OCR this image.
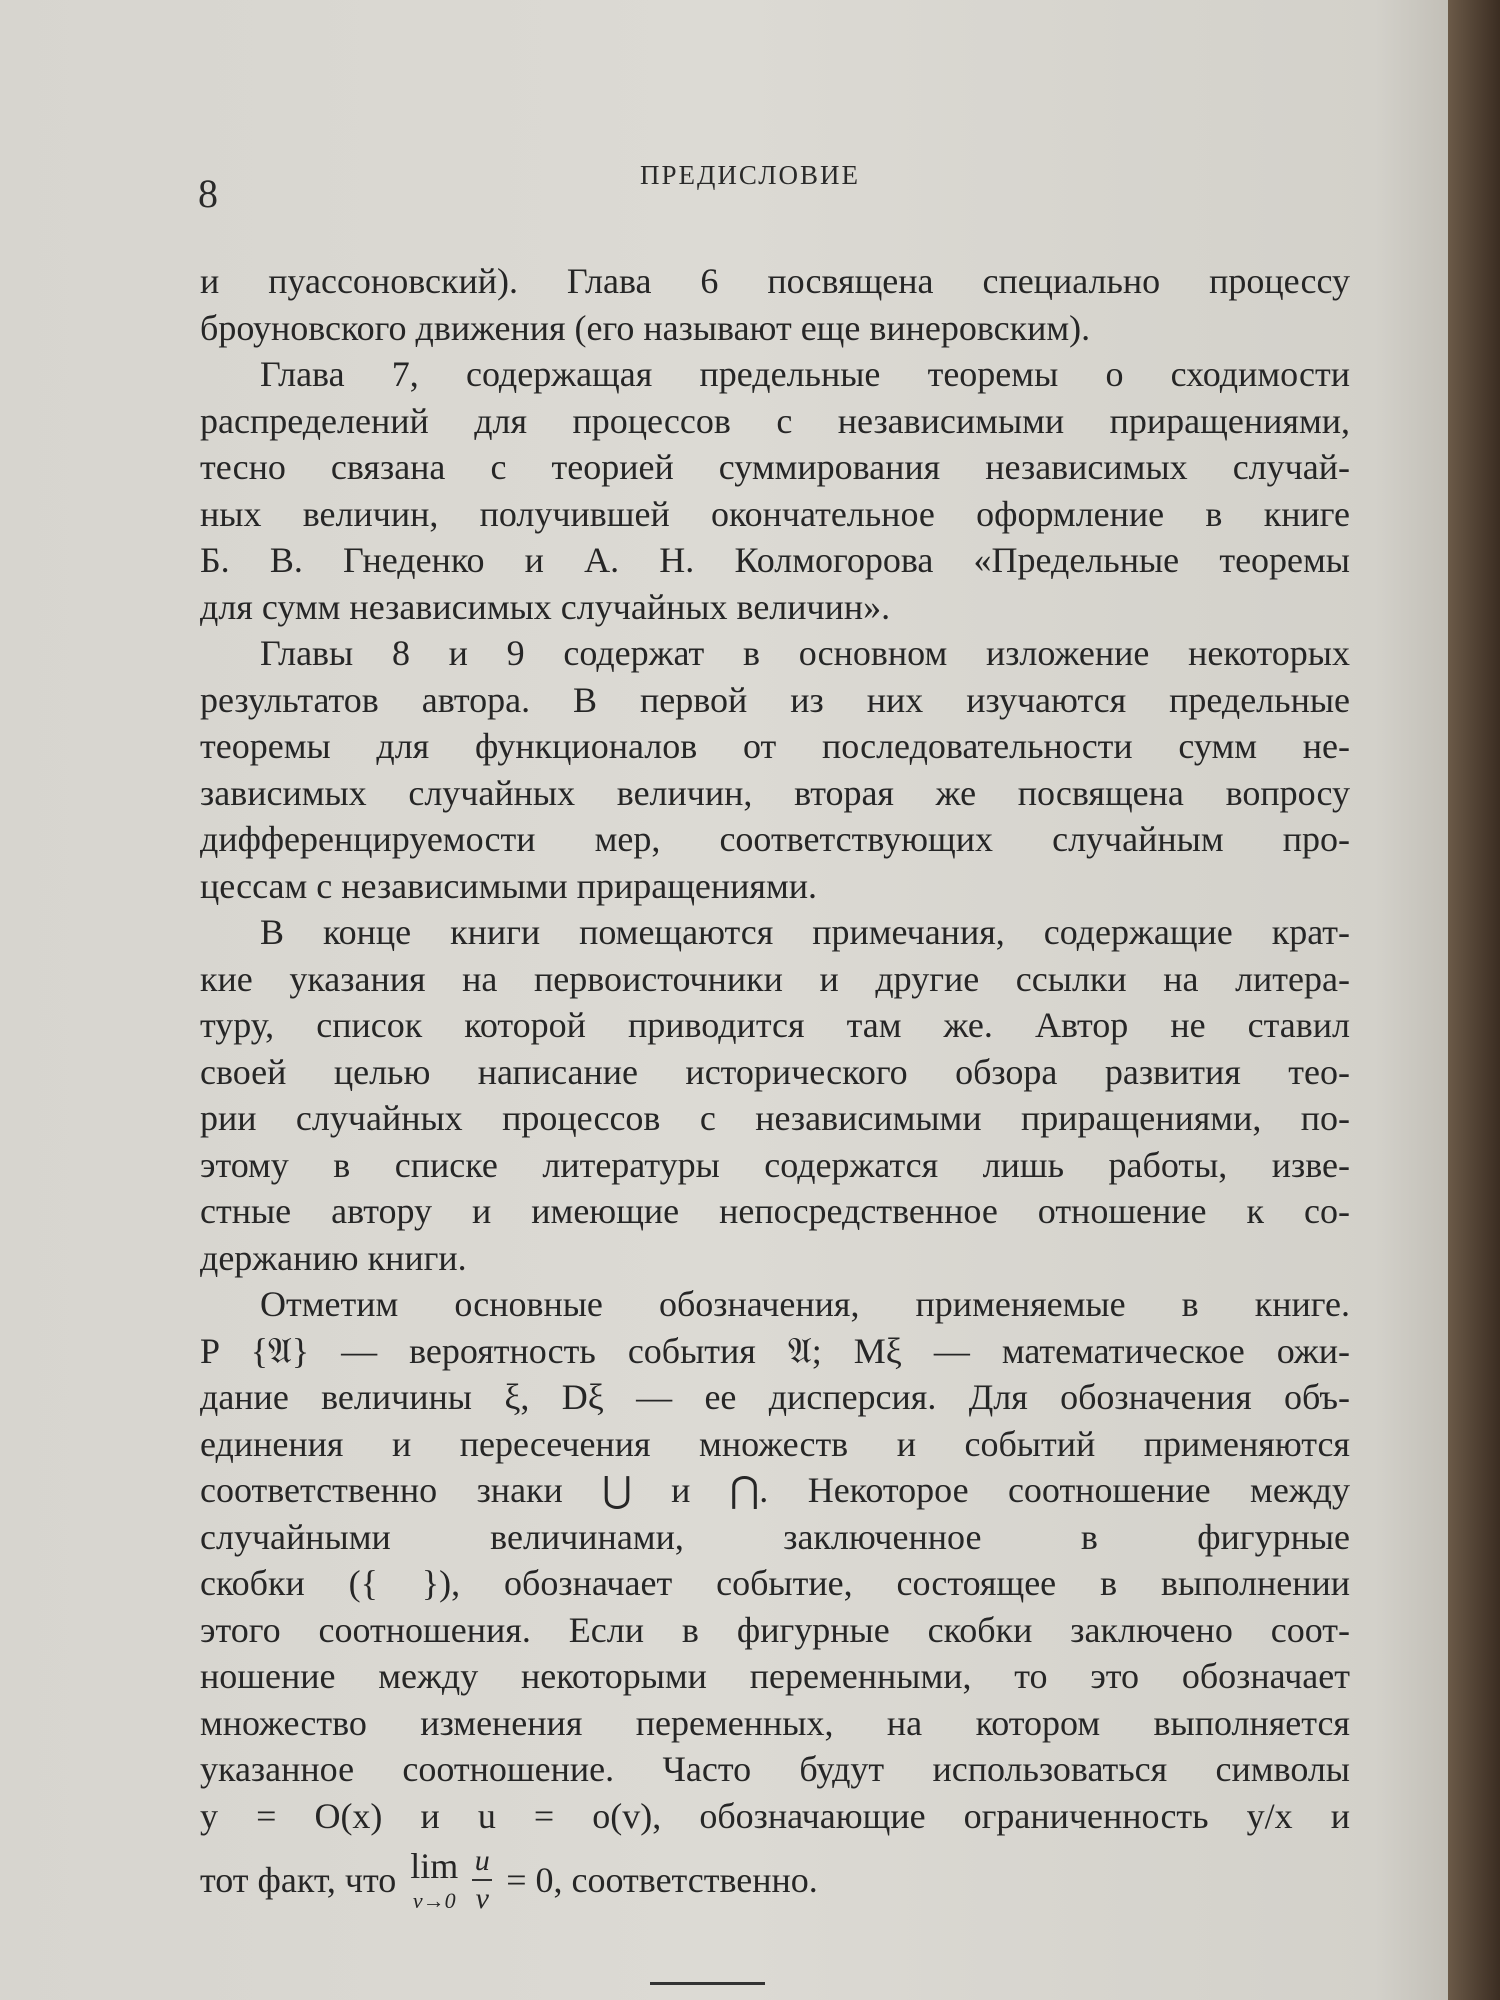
8	ПРЕДИСЛОВИЕ
и пуассоновский). Глава 6 посвящена специально процессу
броуновского движения (его называют еще винеровским).
Глава 7, содержащая предельные теоремы о сходимости
распределений для процессов с независимыми приращениями,
тесно связана с теорией суммирования независимых случай-
ных величин, получившей окончательное оформление в книге
Б. В. Гнеденко и А. Н. Колмогорова «Предельные теоремы
для сумм независимых случайных величин».
Главы 8 и 9 содержат в основном изложение некоторых
результатов автора. В первой из них изучаются предельные
теоремы для функционалов от последовательности сумм не-
зависимых случайных величин, вторая же посвящена вопросу
дифференцируемости мер, соответствующих случайным про-
цессам с независимыми приращениями.
В конце книги помещаются примечания, содержащие крат-
кие указания на первоисточники и другие ссылки на литера-
туру, список которой приводится там же. Автор не ставил
своей целью написание исторического обзора развития тео-
рии случайных процессов с независимыми приращениями, по-
этому в списке литературы содержатся лишь работы, изве-
стные автору и имеющие непосредственное отношение к со-
держанию книги.
Отметим основные обозначения, применяемые в книге.
P {𝔄} — вероятность события 𝔄; Mξ — математическое ожи-
дание величины ξ, Dξ — ее дисперсия. Для обозначения объ-
единения и пересечения множеств и событий применяются
соответственно знаки ⋃ и ⋂. Некоторое соотношение между
случайными величинами, заключенное в фигурные
скобки ({ }), обозначает событие, состоящее в выполнении
этого соотношения. Если в фигурные скобки заключено соот-
ношение между некоторыми переменными, то это обозначает
множество изменения переменных, на котором выполняется
указанное соотношение. Часто будут использоваться символы
y = O(x) и u = o(v), обозначающие ограниченность y/x и
тот факт, что lim
v→0
u
v = 0, соответственно.
